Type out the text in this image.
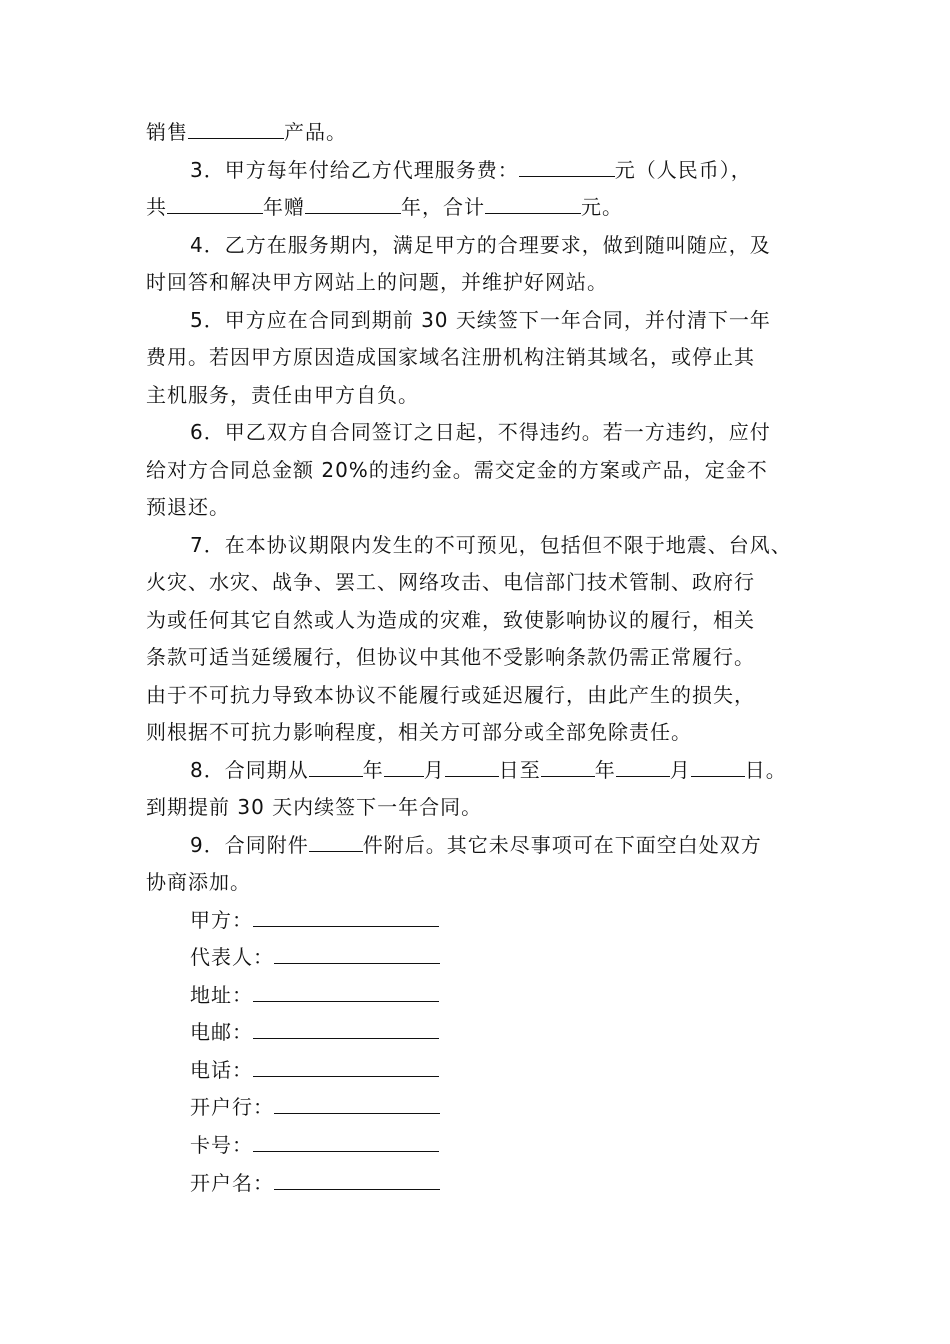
销售	产品。
3．甲方每年付给乙方代理服务费：	元（人民币），
共	年赠	年，合计	元。
4．乙方在服务期内，满足甲方的合理要求，做到随叫随应，及
时回答和解决甲方网站上的问题，并维护好网站。
5．甲方应在合同到期前 30 天续签下一年合同，并付清下一年
费用。若因甲方原因造成国家域名注册机构注销其域名，或停止其
主机服务，责任由甲方自负。
6．甲乙双方自合同签订之日起，不得违约。若一方违约，应付
给对方合同总金额 20%的违约金。需交定金的方案或产品，定金不
预退还。
7．在本协议期限内发生的不可预见，包括但不限于地震、台风、
火灾、水灾、战争、罢工、网络攻击、电信部门技术管制、政府行
为或任何其它自然或人为造成的灾难，致使影响协议的履行，相关
条款可适当延缓履行，但协议中其他不受影响条款仍需正常履行。
由于不可抗力导致本协议不能履行或延迟履行，由此产生的损失，
则根据不可抗力影响程度，相关方可部分或全部免除责任。
8．合同期从	年 月	日至	年	月	日。
到期提前 30 天内续签下一年合同。
9．合同附件	件附后。其它未尽事项可在下面空白处双方
协商添加。
甲方：
代表人：
地址：
电邮：
电话：
开户行：
卡号：
开户名：
